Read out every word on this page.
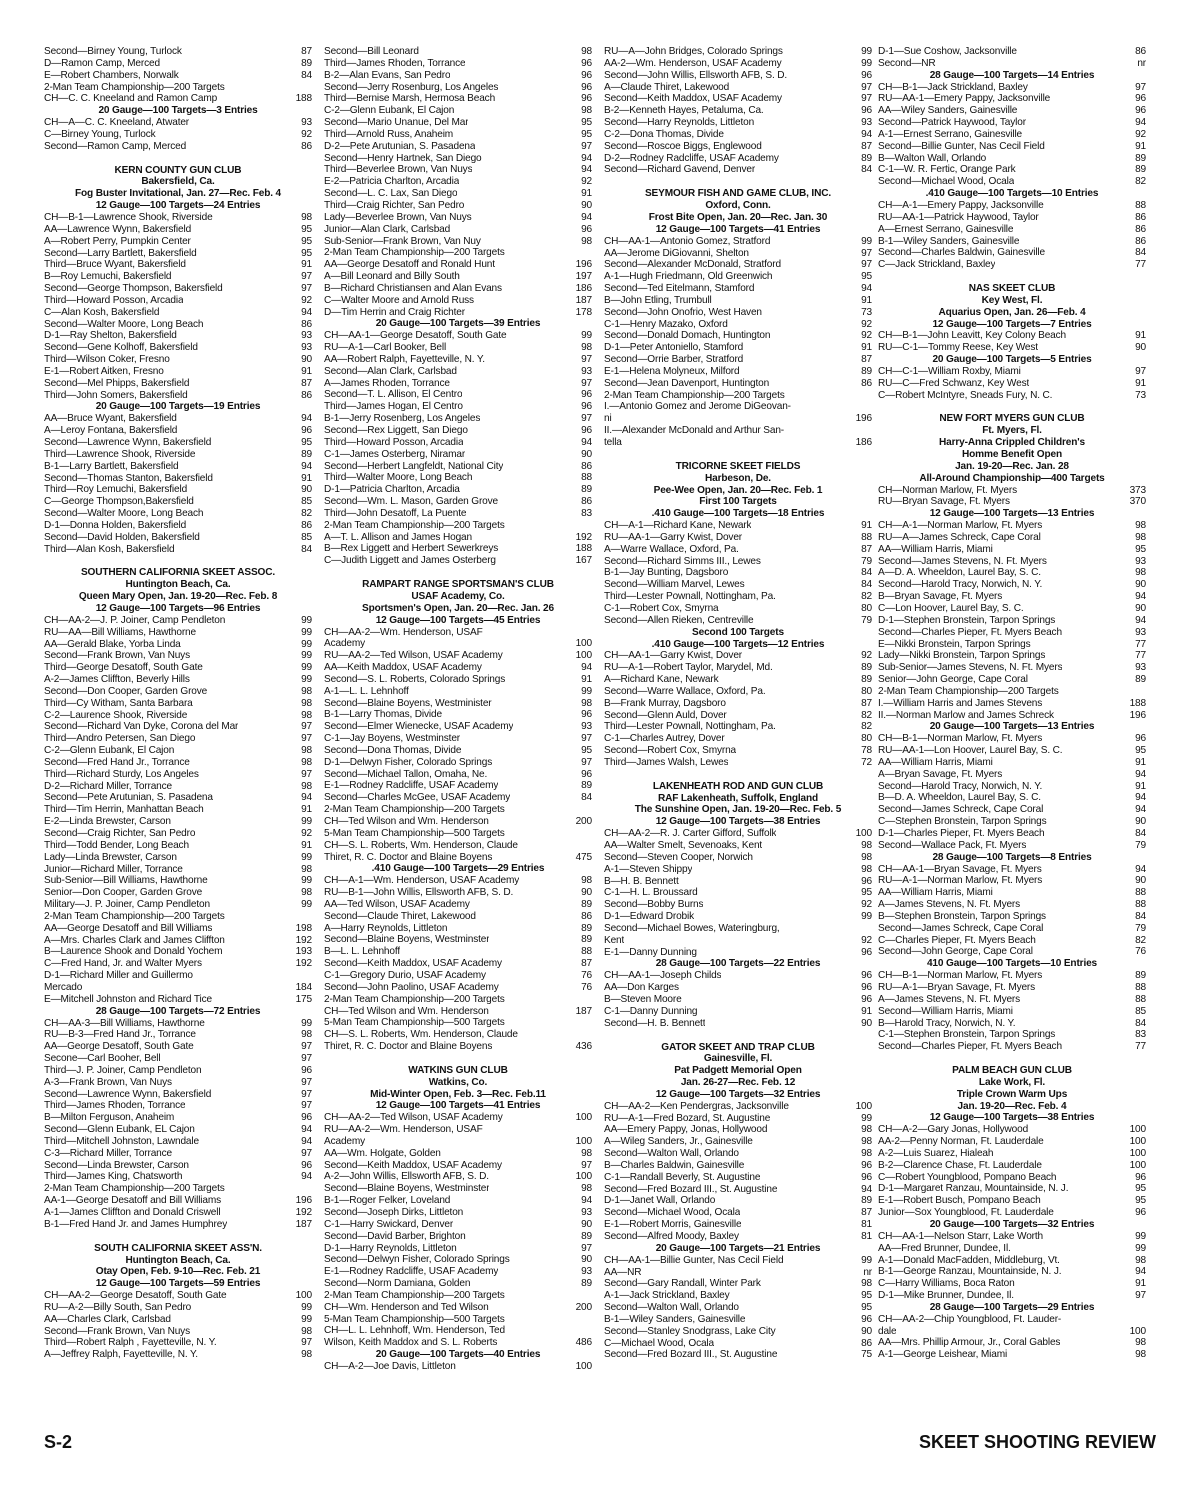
Second—Birney Young, Turlock	87
D—Ramon Camp, Merced	89
E—Robert Chambers, Norwalk	84
2-Man Team Championship—200 Targets
CH—C. C. Kneeland and Ramon Camp	188
20 Gauge—100 Targets—3 Entries
CH—A—C. C. Kneeland, Atwater	93
C—Birney Young, Turlock	92
Second—Ramon Camp, Merced	86
KERN COUNTY GUN CLUB
Bakersfield, Ca.
Fog Buster Invitational, Jan. 27—Rec. Feb. 4
12 Gauge—100 Targets—24 Entries
CH—B-1—Lawrence Shook, Riverside	98
AA—Lawrence Wynn, Bakersfield	95
A—Robert Perry, Pumpkin Center	95
Second—Larry Bartlett, Bakersfield	95
Third—Bruce Wyant, Bakersfield	91
B—Roy Lemuchi, Bakersfield	97
Second—George Thompson, Bakersfield	97
Third—Howard Posson, Arcadia	92
C—Alan Kosh, Bakersfield	94
Second—Walter Moore, Long Beach	86
D-1—Ray Shelton, Bakersfield	93
Second—Gene Kolhoff, Bakersfield	93
Third—Wilson Coker, Fresno	90
E-1—Robert Aitken, Fresno	91
Second—Mel Phipps, Bakersfield	87
Third—John Somers, Bakersfield	86
20 Gauge—100 Targets—19 Entries
AA—Bruce Wyant, Bakersfield	94
A—Leroy Fontana, Bakersfield	96
Second—Lawrence Wynn, Bakersfield	95
Third—Lawrence Shook, Riverside	89
B-1—Larry Bartlett, Bakersfield	94
Second—Thomas Stanton, Bakersfield	91
Third—Roy Lemuchi, Bakersfield	90
C—George Thompson,Bakersfield	85
Second—Walter Moore, Long Beach	82
D-1—Donna Holden, Bakersfield	86
Second—David Holden, Bakersfield	85
Third—Alan Kosh, Bakersfield	84
SOUTHERN CALIFORNIA SKEET ASSOC.
Huntington Beach, Ca.
Queen Mary Open, Jan. 19-20—Rec. Feb. 8
12 Gauge—100 Targets—96 Entries
CH—AA-2—J. P. Joiner, Camp Pendleton	99
RU—AA—Bill Williams, Hawthorne	99
AA—Gerald Blake, Yorba Linda	99
Second—Frank Brown, Van Nuys	99
Third—George Desatoff, South Gate	99
A-2—James Cliffton, Beverly Hills	99
Second—Don Cooper, Garden Grove	98
Third—Cy Witham, Santa Barbara	98
C-2—Laurence Shook, Riverside	98
Second—Richard Van Dyke, Corona del Mar	97
Third—Andro Petersen, San Diego	97
C-2—Glenn Eubank, El Cajon	98
Second—Fred Hand Jr., Torrance	98
Third—Richard Sturdy, Los Angeles	97
D-2—Richard Miller, Torrance	98
Second—Pete Arutunian, S. Pasadena	94
Third—Tim Herrin, Manhattan Beach	91
E-2—Linda Brewster, Carson	99
Second—Craig Richter, San Pedro	92
Third—Todd Bender, Long Beach	91
Lady—Linda Brewster, Carson	99
Junior—Richard Miller, Torrance	98
Sub-Senior—Bill Williams, Hawthorne	99
Senior—Don Cooper, Garden Grove	98
Military—J. P. Joiner, Camp Pendleton	99
2-Man Team Championship—200 Targets
AA—George Desatoff and Bill Williams	198
A—Mrs. Charles Clark and James Cliffton	192
B—Laurence Shook and Donald Yochem	193
C—Fred Hand, Jr. and Walter Myers	192
D-1—Richard Miller and Guillermo
Mercado	184
E—Mitchell Johnston and Richard Tice	175
28 Gauge—100 Targets—72 Entries
CH—AA-3—Bill Williams, Hawthorne	99
RU—B-3—Fred Hand Jr., Torrance	98
AA—George Desatoff, South Gate	97
Secone—Carl Booher, Bell	97
Third—J. P. Joiner, Camp Pendleton	96
A-3—Frank Brown, Van Nuys	97
Second—Lawrence Wynn, Bakersfield	97
Third—James Rhoden, Torrance	97
B—Milton Ferguson, Anaheim	96
Second—Glenn Eubank, EL Cajon	94
Third—Mitchell Johnston, Lawndale	94
C-3—Richard Miller, Torrance	97
Second—Linda Brewster, Carson	96
Third—James King, Chatsworth	94
2-Man Team Championship—200 Targets
AA-1—George Desatoff and Bill Williams	196
A-1—James Cliffton and Donald Criswell	192
B-1—Fred Hand Jr. and James Humphrey	187
SOUTH CALIFORNIA SKEET ASS'N.
Huntington Beach, Ca.
Otay Open, Feb. 9-10—Rec. Feb. 21
12 Gauge—100 Targets—59 Entries
CH—AA-2—George Desatoff, South Gate	100
RU—A-2—Billy South, San Pedro	99
AA—Charles Clark, Carlsbad	99
Second—Frank Brown, Van Nuys	98
Third—Robert Ralph , Fayetteville, N. Y.	97
A—Jeffrey Ralph, Fayetteville, N. Y.	98
Second—Bill Leonard	98
Third—James Rhoden, Torrance	96
B-2—Alan Evans, San Pedro	96
Second—Jerry Rosenburg, Los Angeles	96
Third—Bernise Marsh, Hermosa Beach	96
C-2—Glenn Eubank, El Cajon	98
Second—Mario Unanue, Del Mar	95
Third—Arnold Russ, Anaheim	95
D-2—Pete Arutunian, S. Pasadena	97
Second—Henry Hartnek, San Diego	94
Third—Beverlee Brown, Van Nuys	94
E-2—Patricia Charlton, Arcadia	92
Second—L. C. Lax, San Diego	91
Third—Craig Richter, San Pedro	90
Lady—Beverlee Brown, Van Nuys	94
Junior—Alan Clark, Carlsbad	96
Sub-Senior—Frank Brown, Van Nuy	98
2-Man Team Championship—200 Targets
AA—George Desatoff and Ronald Hunt	196
A—Bill Leonard and Billy South	197
B—Richard Christiansen and Alan Evans	186
C—Walter Moore and Arnold Russ	187
D—Tim Herrin and Craig Richter	178
20 Gauge—100 Targets—39 Entries
CH—AA-1—George Desatoff, South Gate	99
RU—A-1—Carl Booker, Bell	98
AA—Robert Ralph, Fayetteville, N. Y.	97
Second—Alan Clark, Carlsbad	93
A—James Rhoden, Torrance	97
Second—T. L. Allison, El Centro	96
Third—James Hogan, El Centro	96
B-1—Jerry Rosenberg, Los Angeles	97
Second—Rex Liggett, San Diego	96
Third—Howard Posson, Arcadia	94
C-1—James Osterberg, Niramar	90
Second—Herbert Langfeldt, National City	86
Third—Walter Moore, Long Beach	88
D-1—Patricia Charlton, Arcadia	89
Second—Wm. L. Mason, Garden Grove	86
Third—John Desatoff, La Puente	83
2-Man Team Championship—200 Targets
A—T. L. Allison and James Hogan	192
B—Rex Liggett and Herbert Sewerkreys	188
C—Judith Liggett and James Osterberg	167
RAMPART RANGE SPORTSMAN'S CLUB
USAF Academy, Co.
Sportsmen's Open, Jan. 20—Rec. Jan. 26
12 Gauge—100 Targets—45 Entries
CH—AA-2—Wm. Henderson, USAF
Academy	100
RU—AA-2—Ted Wilson, USAF Academy	100
AA—Keith Maddox, USAF Academy	94
Second—S. L. Roberts, Colorado Springs	91
A-1—L. L. Lehnhoff	99
Second—Blaine Boyens, Westminister	98
B-1—Larry Thomas, Divide	96
Second—Elmer Wienecke, USAF Academy	93
C-1—Jay Boyens, Westminster	97
Second—Dona Thomas, Divide	95
D-1—Delwyn Fisher, Colorado Springs	97
Second—Michael Tallon, Omaha, Ne.	96
E-1—Rodney Radcliffe, USAF Academy	89
Second—Charles McGee, USAF Academy	84
2-Man Team Championship—200 Targets
CH—Ted Wilson and Wm. Henderson	200
5-Man Team Championship—500 Targets
CH—S. L. Roberts, Wm. Henderson, Claude
Thiret, R. C. Doctor and Blaine Boyens	475
.410 Gauge—100 Targets—29 Entries
CH—A-1—Wm. Henderson, USAF Academy	98
RU—B-1—John Willis, Ellsworth AFB, S. D.	90
AA—Ted Wilson, USAF Academy	89
Second—Claude Thiret, Lakewood	86
A—Harry Reynolds, Littleton	89
Second—Blaine Boyens, Westminster	89
B—L. L. Lehnhoff	88
Second—Keith Maddox, USAF Academy	87
C-1—Gregory Durio, USAF Academy	76
Second—John Paolino, USAF Academy	76
2-Man Team Championship—200 Targets
CH—Ted Wilson and Wm. Henderson	187
5-Man Team Championship—500 Targets
CH—S. L. Roberts, Wm. Henderson, Claude
Thiret, R. C. Doctor and Blaine Boyens	436
WATKINS GUN CLUB
Watkins, Co.
Mid-Winter Open, Feb. 3—Rec. Feb.11
12 Gauge—100 Targets—41 Entries
CH—AA-2—Ted Wilson, USAF Academy	100
RU—AA-2—Wm. Henderson, USAF
Academy	100
AA—Wm. Holgate, Golden	98
Second—Keith Maddox, USAF Academy	97
A-2—John Willis, Ellsworth AFB, S. D.	100
Second—Blaine Boyens, Westminster	98
B-1—Roger Felker, Loveland	94
Second—Joseph Dirks, Littleton	93
C-1—Harry Swickard, Denver	90
Second—David Barber, Brighton	89
D-1—Harry Reynolds, Littleton	97
Second—Delwyn Fisher, Colorado Springs	90
E-1—Rodney Radcliffe, USAF Academy	93
Second—Norm Damiana, Golden	89
2-Man Team Championship—200 Targets
CH—Wm. Henderson and Ted Wilson	200
5-Man Team Championship—500 Targets
CH—L. L. Lehnhoff, Wm. Henderson, Ted
Wilson, Keith Maddox and S. L. Roberts	486
20 Gauge—100 Targets—40 Entries
CH—A-2—Joe Davis, Littleton	100
RU—A—John Bridges, Colorado Springs	99
AA-2—Wm. Henderson, USAF Academy	99
Second—John Willis, Ellsworth AFB, S. D.	96
A—Claude Thiret, Lakewood	97
Second—Keith Maddox, USAF Academy	97
B-2—Kenneth Hayes, Petaluma, Ca.	96
Second—Harry Reynolds, Littleton	93
C-2—Dona Thomas, Divide	94
Second—Roscoe Biggs, Englewood	87
D-2—Rodney Radcliffe, USAF Academy	89
Second—Richard Gavend, Denver	84
SEYMOUR FISH AND GAME CLUB, INC.
Oxford, Conn.
Frost Bite Open, Jan. 20—Rec. Jan. 30
12 Gauge—100 Targets—41 Entries
CH—AA-1—Antonio Gomez, Stratford	99
AA—Jerome DiGiovanni, Shelton	97
Second—Alexander McDonald, Stratford	97
A-1—Hugh Friedmann, Old Greenwich	95
Second—Ted Eitelmann, Stamford	94
B—John Etling, Trumbull	91
Second—John Onofrio, West Haven	73
C-1—Henry Mazako, Oxford	92
Second—Donald Domach, Huntington	92
D-1—Peter Antoniello, Stamford	91
Second—Orrie Barber, Stratford	87
E-1—Helena Molyneux, Milford	89
Second—Jean Davenport, Huntington	86
2-Man Team Championship—200 Targets
I.—Antonio Gomez and Jerome DiGeovan-
ni	196
II.—Alexander McDonald and Arthur San-
tella	186
TRICORNE SKEET FIELDS
Harbeson, De.
Pee-Wee Open, Jan. 20—Rec. Feb. 1
First 100 Targets
.410 Gauge—100 Targets—18 Entries
CH—A-1—Richard Kane, Newark	91
RU—AA-1—Garry Kwist, Dover	88
A—Warre Wallace, Oxford, Pa.	87
Second—Richard Simms III., Lewes	79
B-1—Jay Bunting, Dagsboro	84
Second—William Marvel, Lewes	84
Third—Lester Pownall, Nottingham, Pa.	82
C-1—Robert Cox, Smyrna	80
Second—Allen Rieken, Centreville	79
Second 100 Targets
.410 Gauge—100 Targets—12 Entries
CH—AA-1—Garry Kwist, Dover	92
RU—A-1—Robert Taylor, Marydel, Md.	89
A—Richard Kane, Newark	89
Second—Warre Wallace, Oxford, Pa.	80
B—Frank Murray, Dagsboro	87
Second—Glenn Auld, Dover	82
Third—Lester Pownall, Nottingham, Pa.	82
C-1—Charles Autrey, Dover	80
Second—Robert Cox, Smyrna	78
Third—James Walsh, Lewes	72
LAKENHEATH ROD AND GUN CLUB
RAF Lakenheath, Suffolk, England
The Sunshine Open, Jan. 19-20—Rec. Feb. 5
12 Gauge—100 Targets—38 Entries
CH—AA-2—R. J. Carter Gifford, Suffolk	100
AA—Walter Smelt, Sevenoaks, Kent	98
Second—Steven Cooper, Norwich	98
A-1—Steven Shippy	98
B—H. B. Bennett	96
C-1—H. L. Broussard	95
Second—Bobby Burns	92
D-1—Edward Drobik	99
Second—Michael Bowes, Wateringburg,
Kent	92
E-1—Danny Dunning	96
28 Gauge—100 Targets—22 Entries
CH—AA-1—Joseph Childs	96
AA—Don Karges	96
B—Steven Moore	96
C-1—Danny Dunning	91
Second—H. B. Bennett	90
GATOR SKEET AND TRAP CLUB
Gainesville, Fl.
Pat Padgett Memorial Open
Jan. 26-27—Rec. Feb. 12
12 Gauge—100 Targets—32 Entries
CH—AA-2—Ken Pendergras, Jacksonville	100
RU—A-1—Fred Bozard, St. Augustine	99
AA—Emery Pappy, Jonas, Hollywood	98
A—Wileg Sanders, Jr., Gainesville	98
Second—Walton Wall, Orlando	98
B—Charles Baldwin, Gainesville	96
C-1—Randall Beverly, St. Augustine	96
Second—Fred Bozard III., St. Augustine	94
D-1—Janet Wall, Orlando	89
Second—Michael Wood, Ocala	87
E-1—Robert Morris, Gainesville	81
Second—Alfred Moody, Baxley	81
20 Gauge—100 Targets—21 Entries
CH—AA-1—Billie Gunter, Nas Cecil Field	99
AA—NR	nr
Second—Gary Randall, Winter Park	98
A-1—Jack Strickland, Baxley	95
Second—Walton Wall, Orlando	95
B-1—Wiley Sanders, Gainesville	96
Second—Stanley Snodgrass, Lake City	90
C—Michael Wood, Ocala	86
Second—Fred Bozard III., St. Augustine	75
D-1—Sue Coshow, Jacksonville	86
Second—NR	nr
28 Gauge—100 Targets—14 Entries
CH—B-1—Jack Strickland, Baxley	97
RU—AA-1—Emery Pappy, Jacksonville	96
AA—Wiley Sanders, Gainesville	96
Second—Patrick Haywood, Taylor	94
A-1—Ernest Serrano, Gainesville	92
Second—Billie Gunter, Nas Cecil Field	91
B—Walton Wall, Orlando	89
C-1—W. R. Fertic, Orange Park	89
Second—Michael Wood, Ocala	82
.410 Gauge—100 Targets—10 Entries
CH—A-1—Emery Pappy, Jacksonville	88
RU—AA-1—Patrick Haywood, Taylor	86
A—Ernest Serrano, Gainesville	86
B-1—Wiley Sanders, Gainesville	86
Second—Charles Baldwin, Gainesville	84
C—Jack Strickland, Baxley	77
NAS SKEET CLUB
Key West, Fl.
Aquarius Open, Jan. 26—Feb. 4
12 Gauge—100 Targets—7 Entries
CH—B-1—John Leavitt, Key Colony Beach	91
RU—C-1—Tommy Reese, Key West	90
20 Gauge—100 Targets—5 Entries
CH—C-1—William Roxby, Miami	97
RU—C—Fred Schwanz, Key West	91
C—Robert McIntyre, Sneads Fury, N. C.	73
NEW FORT MYERS GUN CLUB
Ft. Myers, Fl.
Harry-Anna Crippled Children's
Homme Benefit Open
Jan. 19-20—Rec. Jan. 28
All-Around Championship—400 Targets
CH—Norman Marlow, Ft. Myers	373
RU—Bryan Savage, Ft. Myers	370
12 Gauge—100 Targets—13 Entries
CH—A-1—Norman Marlow, Ft. Myers	98
RU—A—James Schreck, Cape Coral	98
AA—William Harris, Miami	95
Second—James Stevens, N. Ft. Myers	93
A—D. A. Wheeldon, Laurel Bay, S. C.	98
Second—Harold Tracy, Norwich, N. Y.	90
B—Bryan Savage, Ft. Myers	94
C—Lon Hoover, Laurel Bay, S. C.	90
D-1—Stephen Bronstein, Tarpon Springs	94
Second—Charles Pieper, Ft. Myers Beach	93
E—Nikki Bronstein, Tarpon Springs	77
Lady—Nikki Bronstein, Tarpon Springs	77
Sub-Senior—James Stevens, N. Ft. Myers	93
Senior—John George, Cape Coral	89
2-Man Team Championship—200 Targets
I.—William Harris and James Stevens	188
II.—Norman Marlow and James Schreck	196
20 Gauge—100 Targets—13 Entries
CH—B-1—Norman Marlow, Ft. Myers	96
RU—AA-1—Lon Hoover, Laurel Bay, S. C.	95
AA—William Harris, Miami	91
A—Bryan Savage, Ft. Myers	94
Second—Harold Tracy, Norwich, N. Y.	91
B—D. A. Wheeldon, Laurel Bay, S. C.	94
Second—James Schreck, Cape Coral	94
C—Stephen Bronstein, Tarpon Springs	90
D-1—Charles Pieper, Ft. Myers Beach	84
Second—Wallace Pack, Ft. Myers	79
28 Gauge—100 Targets—8 Entries
CH—AA-1—Bryan Savage, Ft. Myers	94
RU—A-1—Norman Marlow, Ft. Myers	90
AA—William Harris, Miami	88
A—James Stevens, N. Ft. Myers	88
B—Stephen Bronstein, Tarpon Springs	84
Second—James Schreck, Cape Coral	79
C—Charles Pieper, Ft. Myers Beach	82
Second—John George, Cape Coral	76
410 Gauge—100 Targets—10 Entries
CH—B-1—Norman Marlow, Ft. Myers	89
RU—A-1—Bryan Savage, Ft. Myers	88
A—James Stevens, N. Ft. Myers	88
Second—William Harris, Miami	85
B—Harold Tracy, Norwich, N. Y.	84
C-1—Stephen Bronstein, Tarpon Springs	83
Second—Charles Pieper, Ft. Myers Beach	77
PALM BEACH GUN CLUB
Lake Work, Fl.
Triple Crown Warm Ups
Jan. 19-20—Rec. Feb. 4
12 Gauge—100 Targets—38 Entries
CH—A-2—Gary Jonas, Hollywood	100
AA-2—Penny Norman, Ft. Lauderdale	100
A-2—Luis Suarez, Hialeah	100
B-2—Clarence Chase, Ft. Lauderdale	100
C—Robert Youngblood, Pompano Beach	96
D-1—Margaret Ranzau, Mountainside, N. J.	95
E-1—Robert Busch, Pompano Beach	95
Junior—Sox Youngblood, Ft. Lauderdale	96
20 Gauge—100 Targets—32 Entries
CH—AA-1—Nelson Starr, Lake Worth	99
AA—Fred Brunner, Dundee, Il.	99
A-1—Donald MacFadden, Middleburg, Vt.	98
B-1—George Ranzau, Mountainside, N. J.	94
C—Harry Williams, Boca Raton	91
D-1—Mike Brunner, Dundee, Il.	97
28 Gauge—100 Targets—29 Entries
CH—AA-2—Chip Youngblood, Ft. Lauder-
dale	100
AA—Mrs. Phillip Armour, Jr., Coral Gables	98
A-1—George Leishear, Miami	98
S-2	SKEET SHOOTING REVIEW
